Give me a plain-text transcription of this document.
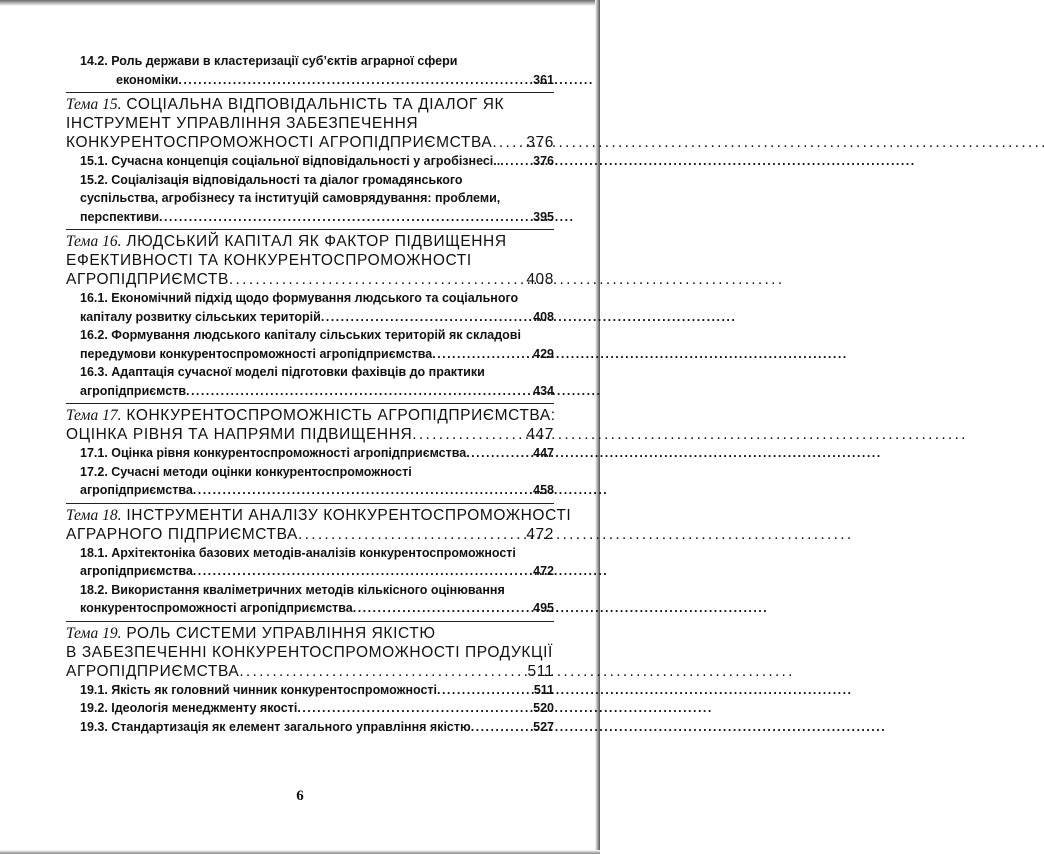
14.2. Роль держави в кластеризації суб’єктів аграрної сфери
економіки . . .	361
Тема 15. СОЦІАЛЬНА ВІДПОВІДАЛЬНІСТЬ ТА ДІАЛОГ ЯК
ІНСТРУМЕНТ УПРАВЛІННЯ ЗАБЕЗПЕЧЕННЯ
КОНКУРЕНТОСПРОМОЖНОСТІ АГРОПІДПРИЄМСТВА . . . 376
15.1. Сучасна концепція соціальної відповідальності у агробізнесі.. . . .	376
15.2. Соціалізація відповідальності та діалог громадянського
суспільства, агробізнесу та інституцій самоврядування: проблеми,
перспективи . . .	395
Тема 16. ЛЮДСЬКИЙ КАПІТАЛ ЯК ФАКТОР ПІДВИЩЕННЯ
ЕФЕКТИВНОСТІ ТА КОНКУРЕНТОСПРОМОЖНОСТІ
АГРОПІДПРИЄМСТВ . . .	408
16.1. Економічний підхід щодо формування людського та соціального
капіталу розвитку сільських територій . . .	408
16.2. Формування людського капіталу сільських територій як складові
передумови конкурентоспроможності агропідприємства . . .	429
16.3. Адаптація сучасної моделі підготовки фахівців до практики
агропідприємств . . .	434
Тема 17. КОНКУРЕНТОСПРОМОЖНІСТЬ АГРОПІДПРИЄМСТВА:
ОЦІНКА РІВНЯ ТА НАПРЯМИ ПІДВИЩЕННЯ . . .	447
17.1. Оцінка рівня конкурентоспроможності агропідприємства . . .	447
17.2. Сучасні методи оцінки конкурентоспроможності
агропідприємства . . .	458
Тема 18. ІНСТРУМЕНТИ АНАЛІЗУ КОНКУРЕНТОСПРОМОЖНОСТІ
АГРАРНОГО ПІДПРИЄМСТВА . . .	472
18.1. Архітектоніка базових методів-аналізів конкурентоспроможності
агропідприємства . . .	472
18.2. Використання кваліметричних методів кількісного оцінювання
конкурентоспроможності агропідприємства . . .	495
Тема 19. РОЛЬ СИСТЕМИ УПРАВЛІННЯ ЯКІСТЮ
В ЗАБЕЗПЕЧЕННІ КОНКУРЕНТОСПРОМОЖНОСТІ ПРОДУКЦІЇ
АГРОПІДПРИЄМСТВА . . .	511
19.1. Якість як головний чинник конкурентоспроможності . . .	511
19.2. Ідеологія менеджменту якості . . .	520
19.3. Стандартизація як елемент загального управління якістю . . .	527
6
